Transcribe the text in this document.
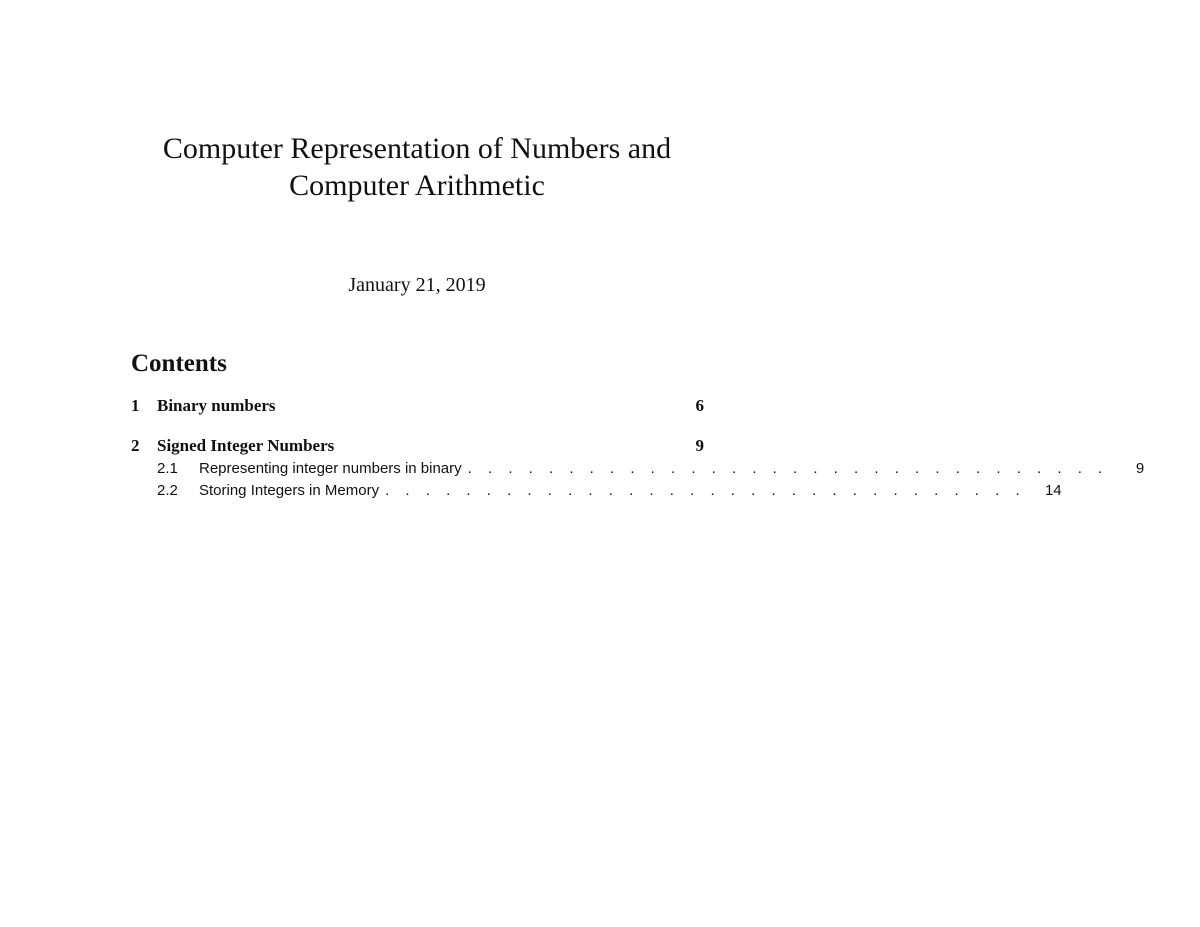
Computer Representation of Numbers and
Computer Arithmetic
January 21, 2019
Contents
1	Binary numbers	6
2	Signed Integer Numbers	9
2.1	Representing integer numbers in binary . . . . . . . . . . . . . . . . . . . . . . . . . . . . . . . .	9
2.2	Storing Integers in Memory . . . . . . . . . . . . . . . . . . . . . . . . . . . . . . . .	14
